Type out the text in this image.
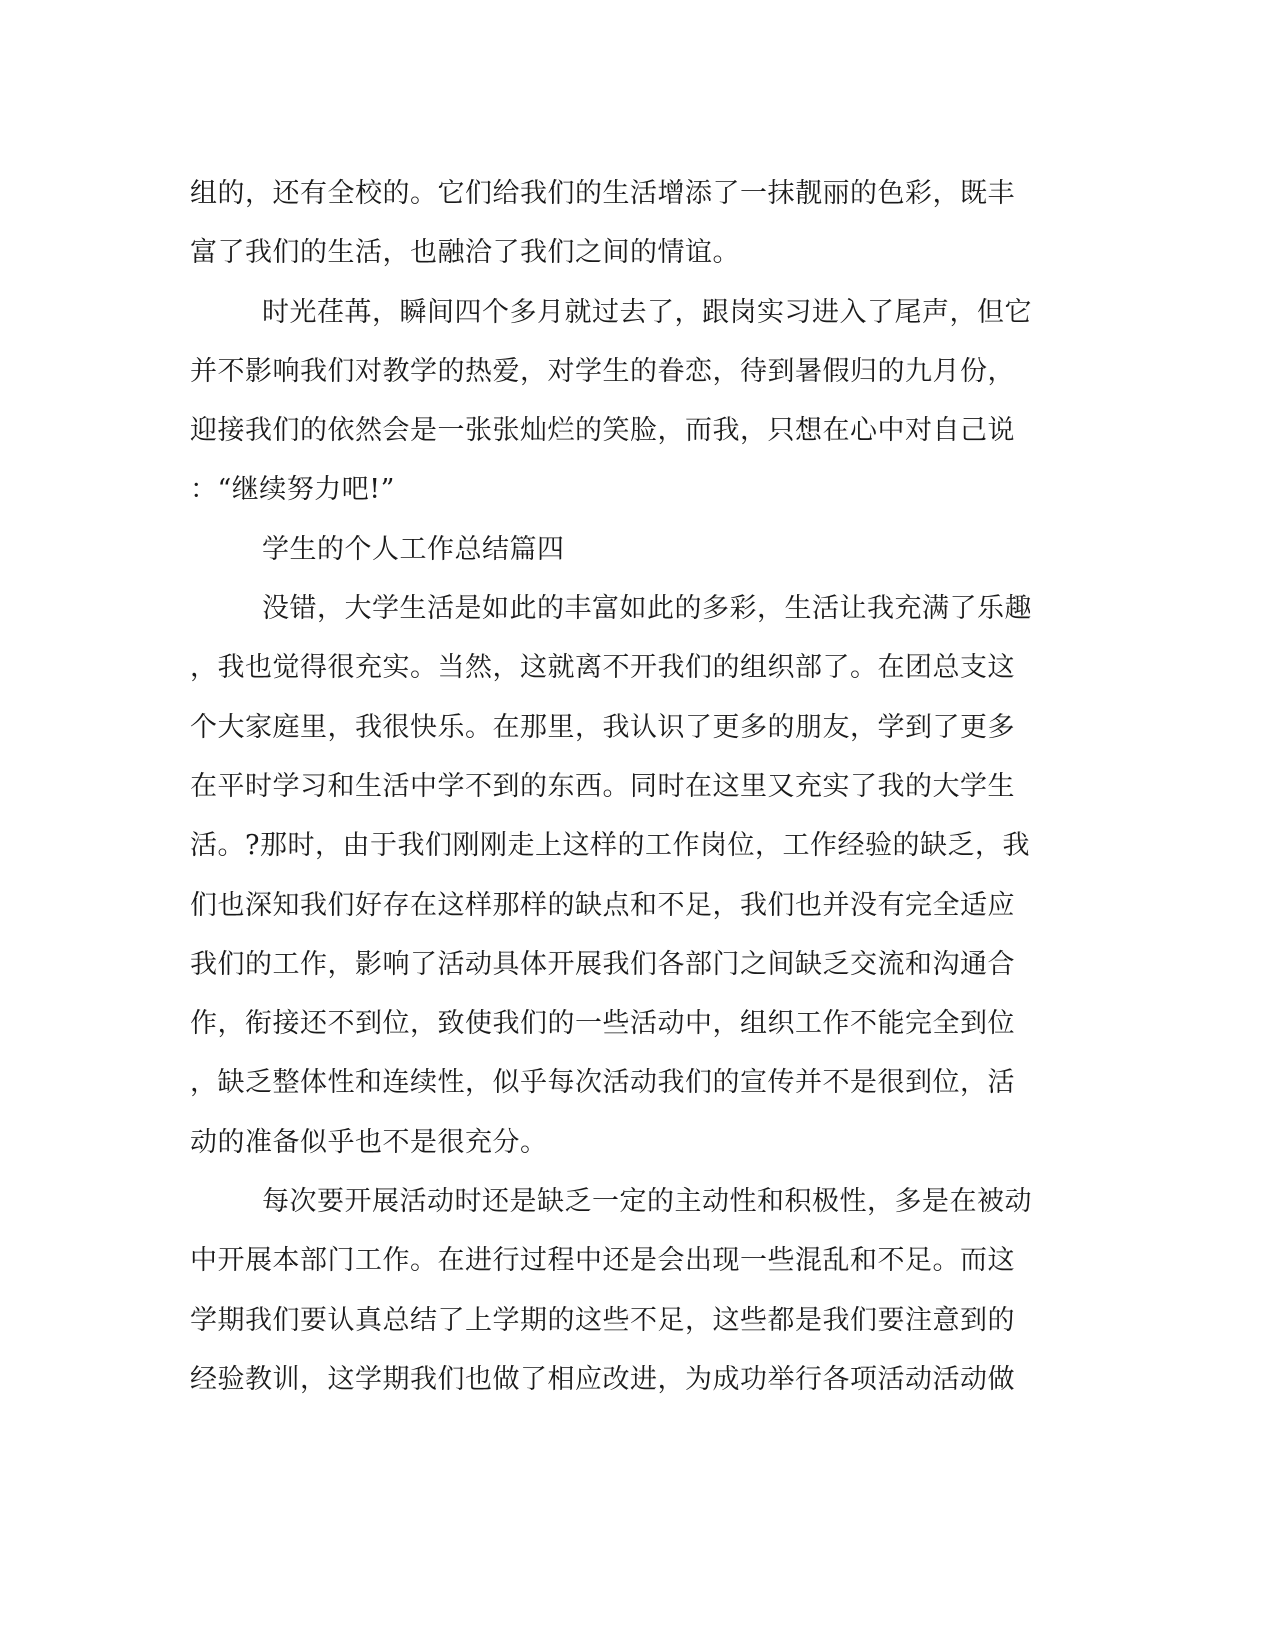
组的，还有全校的。它们给我们的生活增添了一抹靓丽的色彩，既丰
富了我们的生活，也融洽了我们之间的情谊。
时光荏苒，瞬间四个多月就过去了，跟岗实习进入了尾声，但它
并不影响我们对教学的热爱，对学生的眷恋，待到暑假归的九月份，
迎接我们的依然会是一张张灿烂的笑脸，而我，只想在心中对自己说
：“继续努力吧!”
学生的个人工作总结篇四
没错，大学生活是如此的丰富如此的多彩，生活让我充满了乐趣
，我也觉得很充实。当然，这就离不开我们的组织部了。在团总支这
个大家庭里，我很快乐。在那里，我认识了更多的朋友，学到了更多
在平时学习和生活中学不到的东西。同时在这里又充实了我的大学生
活。?那时，由于我们刚刚走上这样的工作岗位，工作经验的缺乏，我
们也深知我们好存在这样那样的缺点和不足，我们也并没有完全适应
我们的工作，影响了活动具体开展我们各部门之间缺乏交流和沟通合
作，衔接还不到位，致使我们的一些活动中，组织工作不能完全到位
，缺乏整体性和连续性，似乎每次活动我们的宣传并不是很到位，活
动的准备似乎也不是很充分。
每次要开展活动时还是缺乏一定的主动性和积极性，多是在被动
中开展本部门工作。在进行过程中还是会出现一些混乱和不足。而这
学期我们要认真总结了上学期的这些不足，这些都是我们要注意到的
经验教训，这学期我们也做了相应改进，为成功举行各项活动活动做
